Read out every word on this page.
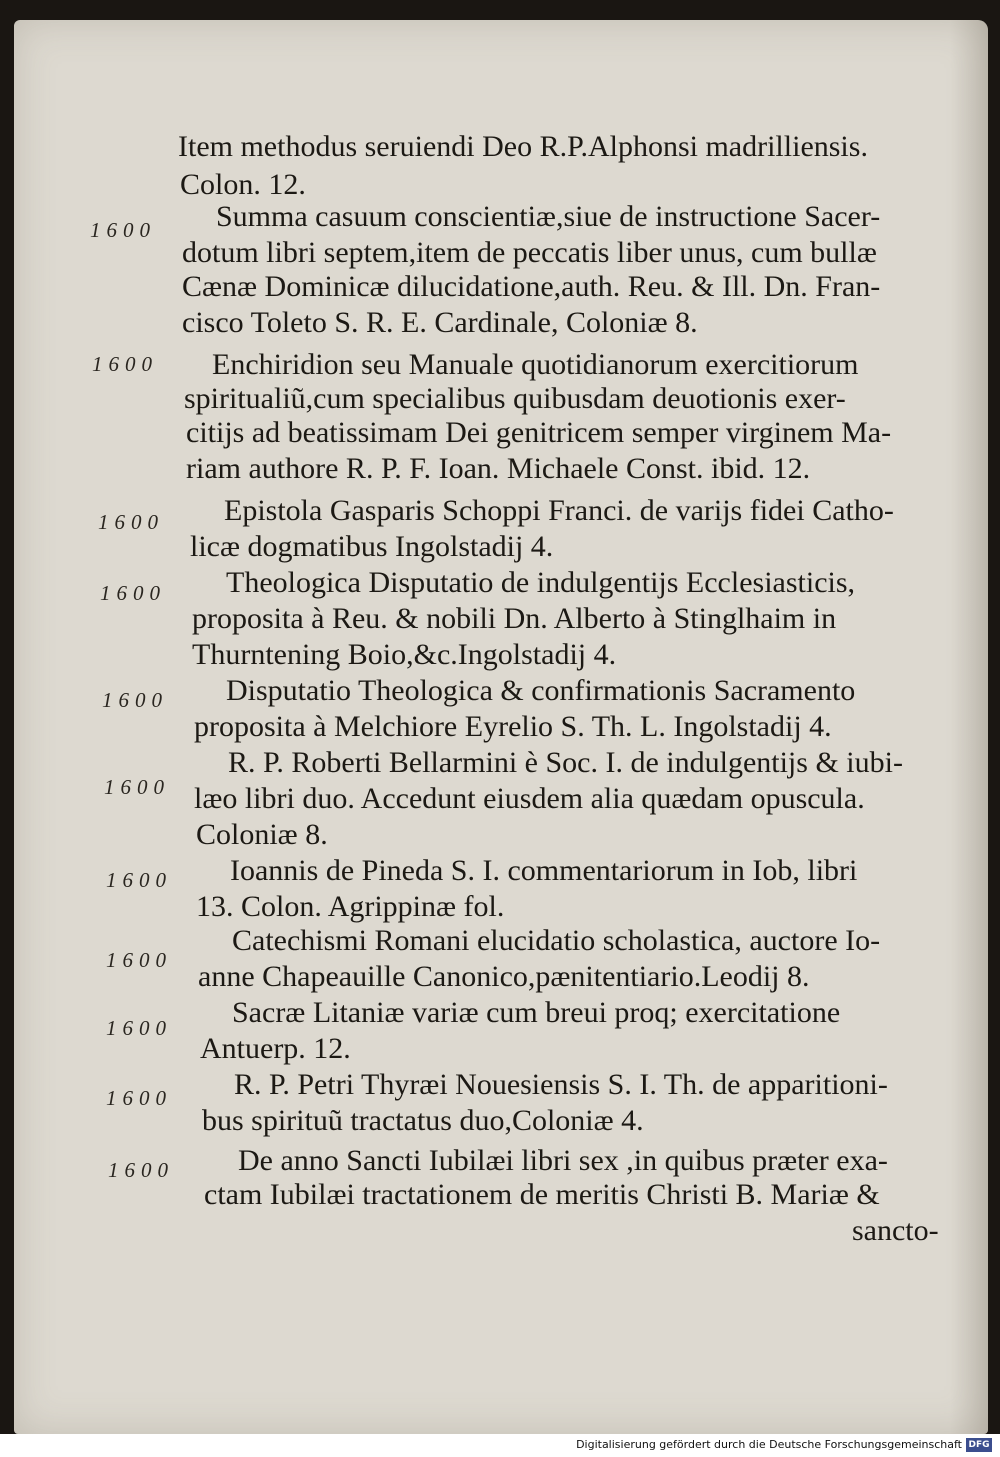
1600

1600

1600

1600

1600

1600

1600

1600

1600

1600

1600

Item methodus seruiendi Deo R.P.Alphonsi madrilliensis.

Colon. 12.

Summa casuum conscientiæ,siue de instructione Sacer-

dotum libri septem,item de peccatis liber unus, cum bullæ

Cænæ Dominicæ dilucidatione,auth. Reu. & Ill. Dn. Fran-

cisco Toleto S. R. E. Cardinale, Coloniæ 8.

Enchiridion seu Manuale quotidianorum exercitiorum

spiritualiũ,cum specialibus quibusdam deuotionis exer-

citijs ad beatissimam Dei genitricem semper virginem Ma-

riam authore R. P. F. Ioan. Michaele Const. ibid. 12.

Epistola Gasparis Schoppi Franci. de varijs fidei Catho-

licæ dogmatibus Ingolstadij 4.

Theologica Disputatio de indulgentijs Ecclesiasticis,

proposita à Reu. & nobili Dn. Alberto à Stinglhaim in

Thurntening Boio,&c.Ingolstadij 4.

Disputatio Theologica & confirmationis Sacramento

proposita à Melchiore Eyrelio S. Th. L. Ingolstadij 4.

R. P. Roberti Bellarmini è Soc. I. de indulgentijs & iubi-

læo libri duo. Accedunt eiusdem alia quædam opuscula.

Coloniæ 8.

Ioannis de Pineda S. I. commentariorum in Iob, libri

13. Colon. Agrippinæ fol.

Catechismi Romani elucidatio scholastica, auctore Io-

anne Chapeauille Canonico,pænitentiario.Leodij 8.

Sacræ Litaniæ variæ cum breui proq; exercitatione

Antuerp. 12.

R. P. Petri Thyræi Nouesiensis S. I. Th. de apparitioni-

bus spirituũ tractatus duo,Coloniæ 4.

De anno Sancti Iubilæi libri sex ,in quibus præter exa-

ctam Iubilæi tractationem de meritis Christi B. Mariæ &

sancto-

Digitalisierung gefördert durch die Deutsche Forschungsgemeinschaft DFG
